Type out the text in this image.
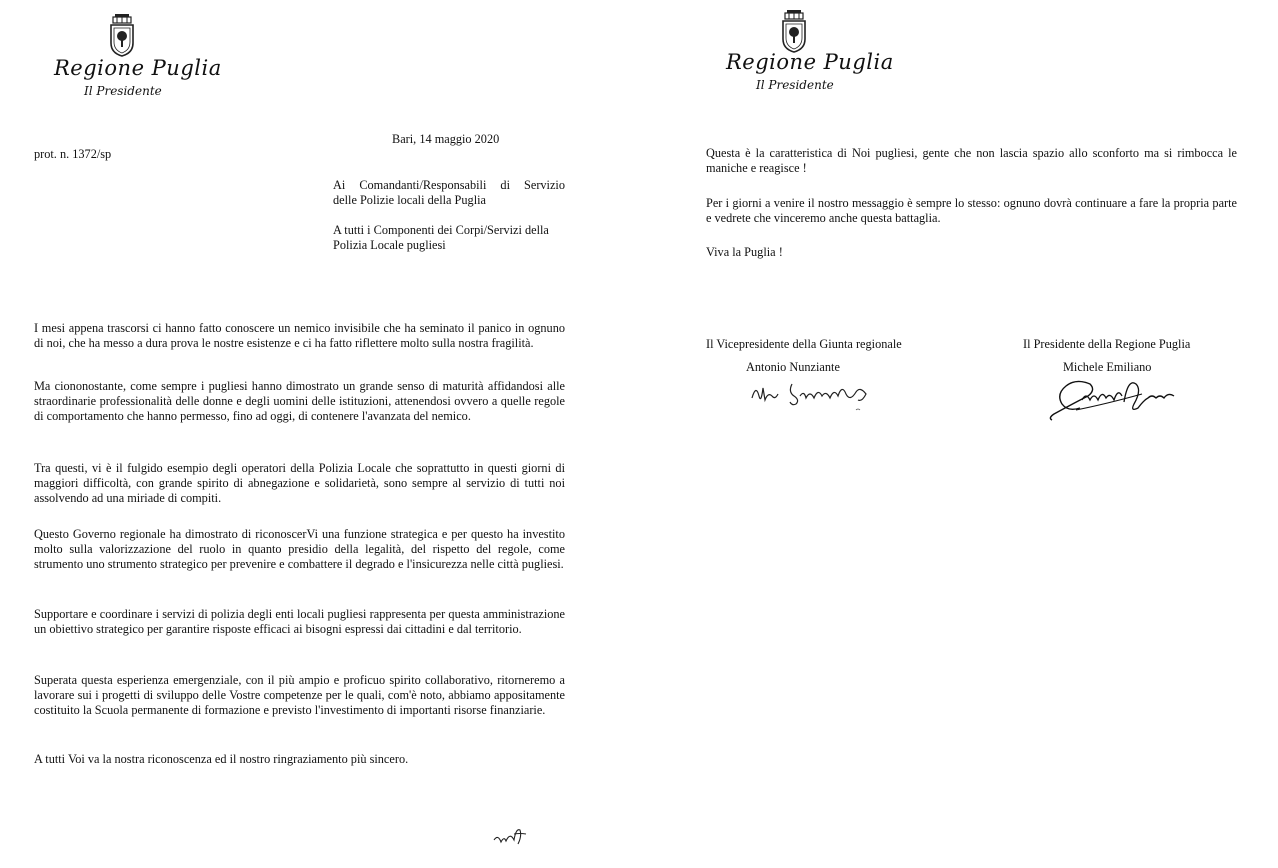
Regione Puglia
Il Presidente
Bari, 14 maggio 2020
prot. n. 1372/sp
Ai Comandanti/Responsabili di Servizio
delle Polizie locali della Puglia
A tutti i Componenti dei Corpi/Servizi della
Polizia Locale pugliesi

I mesi appena trascorsi ci hanno fatto conoscere un nemico invisibile che ha seminato il panico in ognuno di noi, che ha messo a dura prova le nostre esistenze e ci ha fatto riflettere molto sulla nostra fragilità.

Ma ciononostante, come sempre i pugliesi hanno dimostrato un grande senso di maturità affidandosi alle straordinarie professionalità delle donne e degli uomini delle istituzioni, attenendosi ovvero a quelle regole di comportamento che hanno permesso, fino ad oggi, di contenere l'avanzata del nemico.

Tra questi, vi è il fulgido esempio degli operatori della Polizia Locale che soprattutto in questi giorni di maggiori difficoltà, con grande spirito di abnegazione e solidarietà, sono sempre al servizio di tutti noi assolvendo ad una miriade di compiti.

Questo Governo regionale ha dimostrato di riconoscerVi una funzione strategica e per questo ha investito molto sulla valorizzazione del ruolo in quanto presidio della legalità, del rispetto del regole, come strumento uno strumento strategico per prevenire e combattere il degrado e l'insicurezza nelle città pugliesi.

Supportare e coordinare i servizi di polizia degli enti locali pugliesi rappresenta per questa amministrazione un obiettivo strategico per garantire risposte efficaci ai bisogni espressi dai cittadini e dal territorio.

Superata questa esperienza emergenziale, con il più ampio e proficuo spirito collaborativo, ritorneremo a lavorare sui i progetti di sviluppo delle Vostre competenze per le quali, com'è noto, abbiamo appositamente costituito la Scuola permanente di formazione e previsto l'investimento di importanti risorse finanziarie.

A tutti Voi va la nostra riconoscenza ed il nostro ringraziamento più sincero.

Regione Puglia
Il Presidente

Questa è la caratteristica di Noi pugliesi, gente che non lascia spazio allo sconforto ma si rimbocca le maniche e reagisce !

Per i giorni a venire il nostro messaggio è sempre lo stesso: ognuno dovrà continuare a fare la propria parte e vedrete che vinceremo anche questa battaglia.

Viva la Puglia !

Il Vicepresidente della Giunta regionale
Antonio Nunziante
Il Presidente della Regione Puglia
Michele Emiliano
